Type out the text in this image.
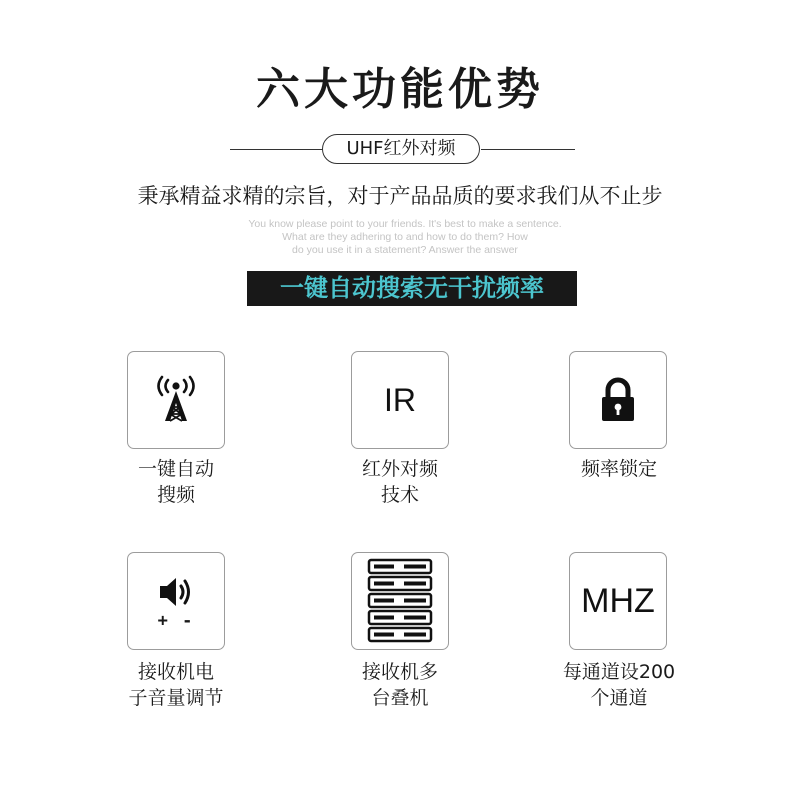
六大功能优势
UHF红外对频
秉承精益求精的宗旨，对于产品品质的要求我们从不止步
You know please point to your friends. It's best to make a sentence.
What are they adhering to and how to do them? How
do you use it in a statement? Answer the answer
一键自动搜索无干扰频率
一键自动
搜频
IR
红外对频
技术
频率锁定
+ -
接收机电
子音量调节
接收机多
台叠机
MHZ
每通道设200
个通道
